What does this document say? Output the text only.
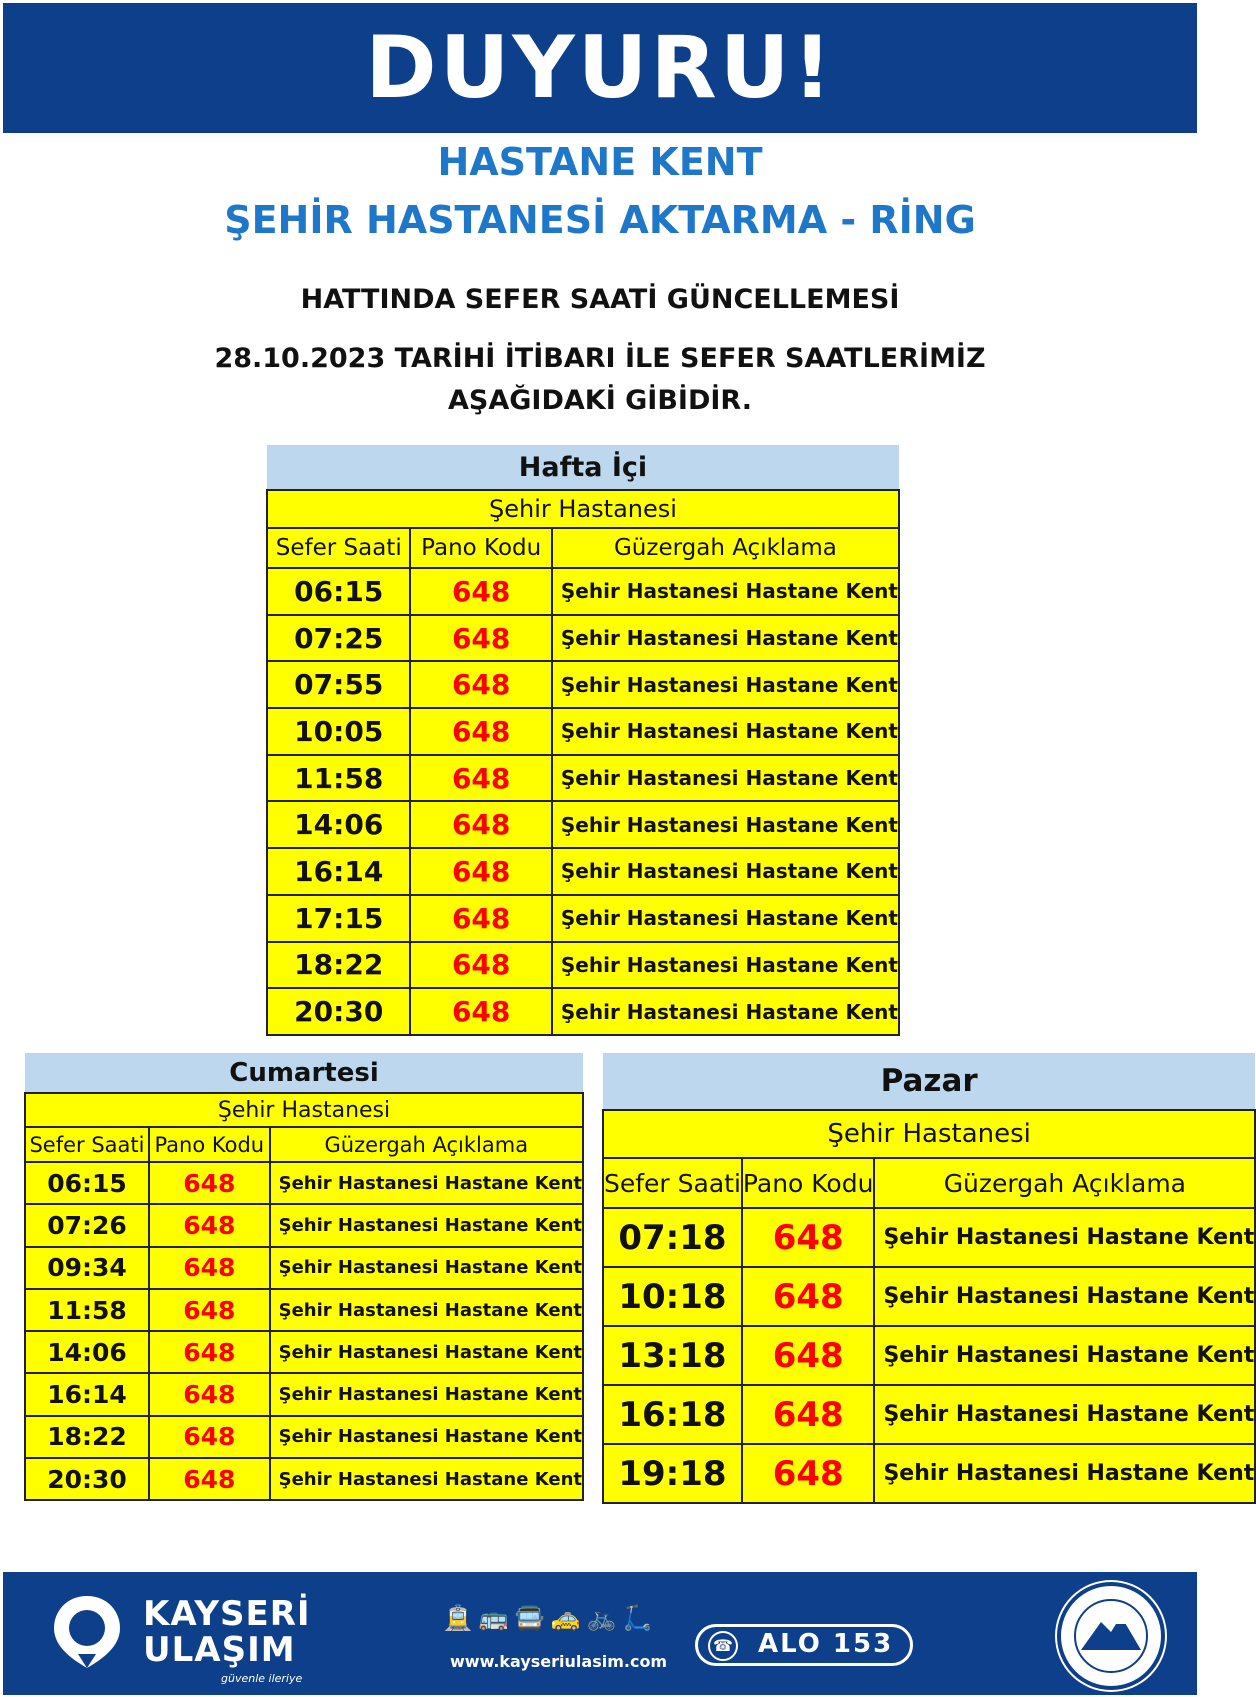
DUYURU!
HASTANE KENT
ŞEHİR HASTANESİ AKTARMA - RİNG
HATTINDA SEFER SAATİ GÜNCELLEMESİ
28.10.2023 TARİHİ İTİBARI İLE SEFER SAATLERİMİZ
AŞAĞIDAKİ GİBİDİR.
Hafta İçi		
Şehir Hastanesi		
Sefer Saati	Pano Kodu	Güzergah Açıklama
06:15	648	Şehir Hastanesi Hastane Kent
07:25	648	Şehir Hastanesi Hastane Kent
07:55	648	Şehir Hastanesi Hastane Kent
10:05	648	Şehir Hastanesi Hastane Kent
11:58	648	Şehir Hastanesi Hastane Kent
14:06	648	Şehir Hastanesi Hastane Kent
16:14	648	Şehir Hastanesi Hastane Kent
17:15	648	Şehir Hastanesi Hastane Kent
18:22	648	Şehir Hastanesi Hastane Kent
20:30	648	Şehir Hastanesi Hastane Kent
Cumartesi		
Şehir Hastanesi		
Sefer Saati	Pano Kodu	Güzergah Açıklama
06:15	648	Şehir Hastanesi Hastane Kent
07:26	648	Şehir Hastanesi Hastane Kent
09:34	648	Şehir Hastanesi Hastane Kent
11:58	648	Şehir Hastanesi Hastane Kent
14:06	648	Şehir Hastanesi Hastane Kent
16:14	648	Şehir Hastanesi Hastane Kent
18:22	648	Şehir Hastanesi Hastane Kent
20:30	648	Şehir Hastanesi Hastane Kent
Pazar		
Şehir Hastanesi		
Sefer Saati	Pano Kodu	Güzergah Açıklama
07:18	648	Şehir Hastanesi Hastane Kent
10:18	648	Şehir Hastanesi Hastane Kent
13:18	648	Şehir Hastanesi Hastane Kent
16:18	648	Şehir Hastanesi Hastane Kent
19:18	648	Şehir Hastanesi Hastane Kent
KAYSERİ
ULAŞIM
güvenle ileriye
🚊🚌🚍🚕🚲🛴
www.kayseriulasim.com
☎ ALO 153
